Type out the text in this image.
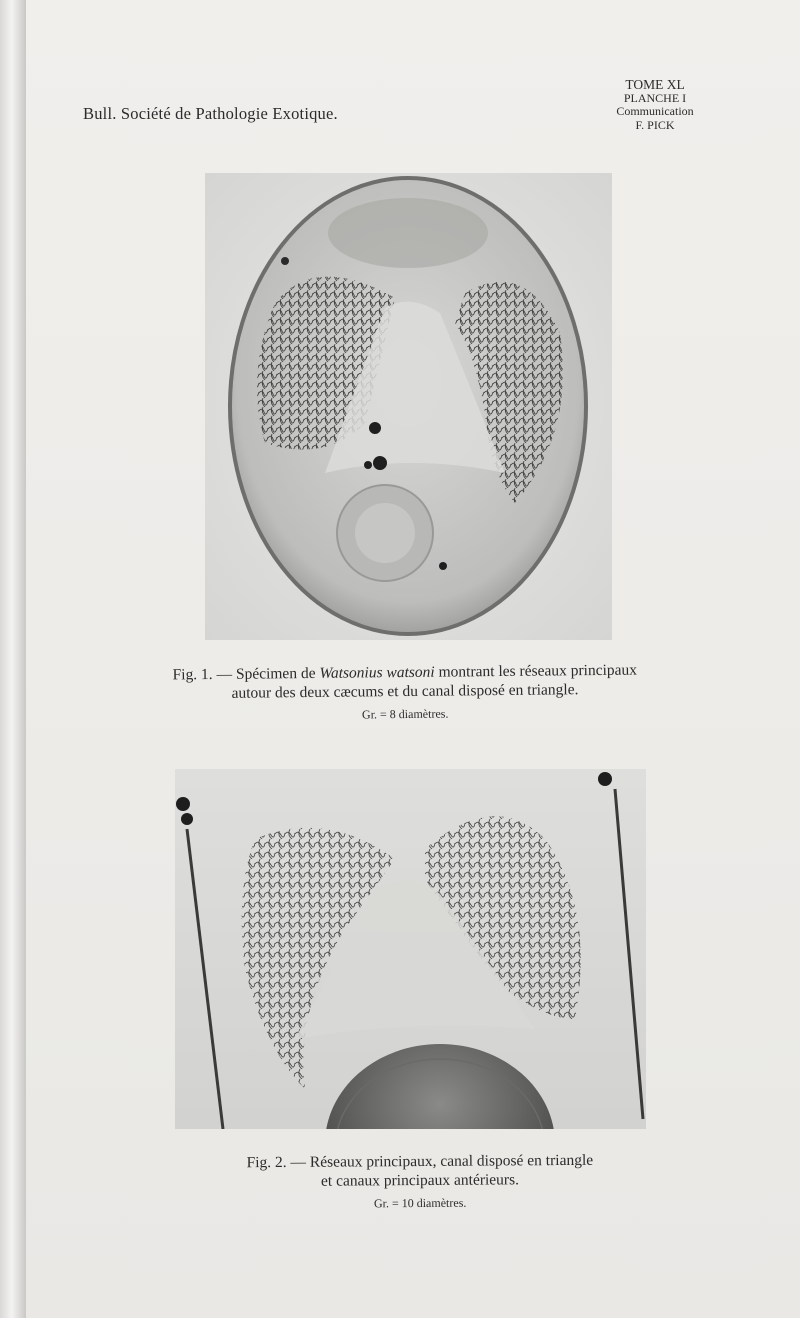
Bull. Société de Pathologie Exotique.
TOME XL
PLANCHE I
Communication
F. PICK
Fig. 1. — Spécimen de Watsonius watsoni montrant les réseaux principaux
autour des deux cæcums et du canal disposé en triangle.
Gr. = 8 diamètres.
Fig. 2. — Réseaux principaux, canal disposé en triangle
et canaux principaux antérieurs.
Gr. = 10 diamètres.
